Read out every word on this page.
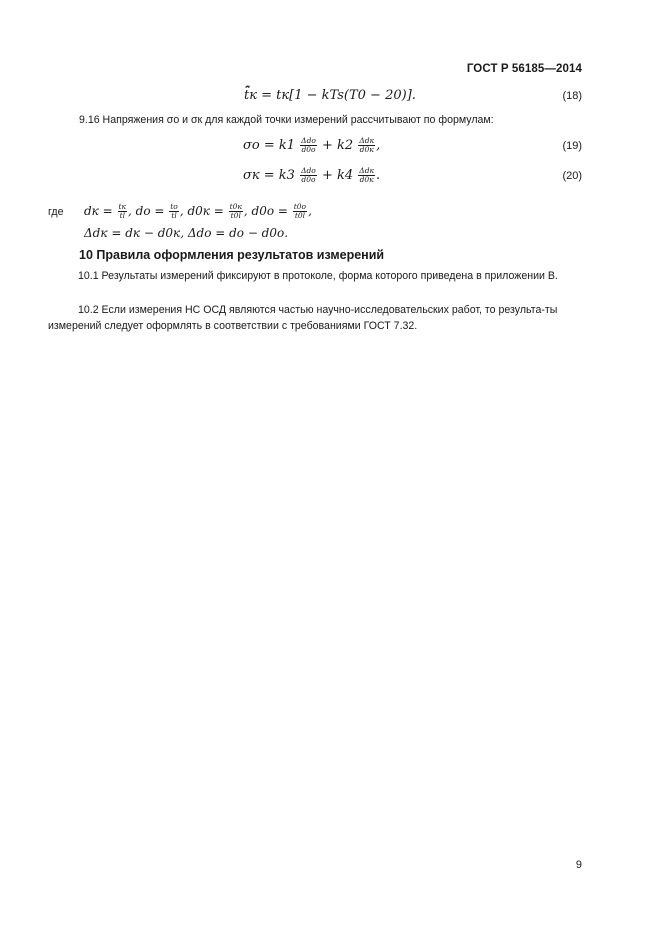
ГОСТ Р 56185—2014
t̂̃к = tк[1 − kTs(T0 − 20)].	(18)
9.16 Напряжения σо и σк для каждой точки измерений рассчитывают по формулам:
$\sigma о = k1 \frac{\text{Δdо}}{d0о} + k2 \frac{\text{Δdк}}{d0к}$ ,	(19)
$\sigma к = k3 \frac{\text{Δdо}}{d0о} + k4 \frac{\text{Δdк}}{d0к}$ .	(20)
где dк = $\frac{tк}{tl}$ , dо = $\frac{tо}{tl}$ , $d0к = \frac{t0к}{t0l}$ , $d0о = \frac{t0о}{t0l}$ ,
Δdк = dк − d0к, Δdо = dо − d0о.
10 Правила оформления результатов измерений
10.1 Результаты измерений фиксируют в протоколе, форма которого приведена в приложении В.
10.2 Если измерения НС ОСД являются частью научно-исследовательских работ, то результа-ты измерений следует оформлять в соответствии с требованиями ГОСТ 7.32.
9
